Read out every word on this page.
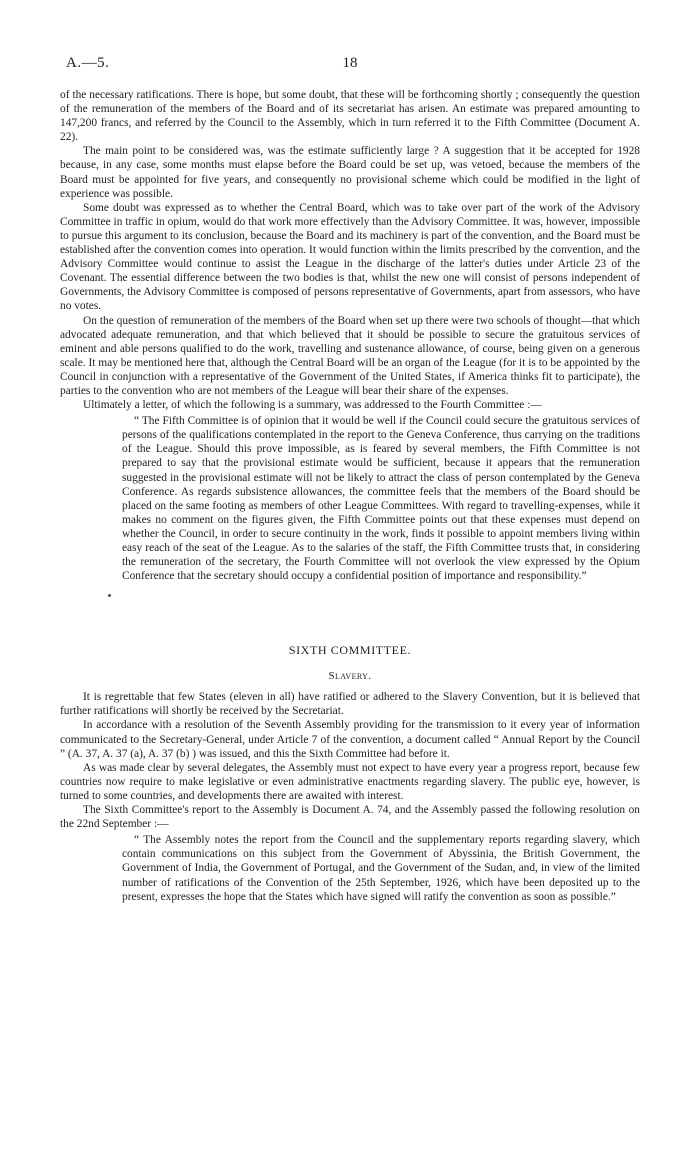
A.—5.	18

of the necessary ratifications. There is hope, but some doubt, that these will be forthcoming shortly ; consequently the question of the remuneration of the members of the Board and of its secretariat has arisen. An estimate was prepared amounting to 147,200 francs, and referred by the Council to the Assembly, which in turn referred it to the Fifth Committee (Document A. 22).

The main point to be considered was, was the estimate sufficiently large ? A suggestion that it be accepted for 1928 because, in any case, some months must elapse before the Board could be set up, was vetoed, because the members of the Board must be appointed for five years, and consequently no provisional scheme which could be modified in the light of experience was possible.

Some doubt was expressed as to whether the Central Board, which was to take over part of the work of the Advisory Committee in traffic in opium, would do that work more effectively than the Advisory Committee. It was, however, impossible to pursue this argument to its conclusion, because the Board and its machinery is part of the convention, and the Board must be established after the convention comes into operation. It would function within the limits prescribed by the convention, and the Advisory Committee would continue to assist the League in the discharge of the latter's duties under Article 23 of the Covenant. The essential difference between the two bodies is that, whilst the new one will consist of persons independent of Governments, the Advisory Committee is composed of persons representative of Governments, apart from assessors, who have no votes.

On the question of remuneration of the members of the Board when set up there were two schools of thought—that which advocated adequate remuneration, and that which believed that it should be possible to secure the gratuitous services of eminent and able persons qualified to do the work, travelling and sustenance allowance, of course, being given on a generous scale. It may be mentioned here that, although the Central Board will be an organ of the League (for it is to be appointed by the Council in conjunction with a representative of the Government of the United States, if America thinks fit to participate), the parties to the convention who are not members of the League will bear their share of the expenses.

Ultimately a letter, of which the following is a summary, was addressed to the Fourth Committee :—

“ The Fifth Committee is of opinion that it would be well if the Council could secure the gratuitous services of persons of the qualifications contemplated in the report to the Geneva Conference, thus carrying on the traditions of the League. Should this prove impossible, as is feared by several members, the Fifth Committee is not prepared to say that the provisional estimate would be sufficient, because it appears that the remuneration suggested in the provisional estimate will not be likely to attract the class of person contemplated by the Geneva Conference. As regards subsistence allowances, the committee feels that the members of the Board should be placed on the same footing as members of other League Committees. With regard to travelling-expenses, while it makes no comment on the figures given, the Fifth Committee points out that these expenses must depend on whether the Council, in order to secure continuity in the work, finds it possible to appoint members living within easy reach of the seat of the League. As to the salaries of the staff, the Fifth Committee trusts that, in considering the remuneration of the secretary, the Fourth Committee will not overlook the view expressed by the Opium Conference that the secretary should occupy a confidential position of importance and responsibility.”

SIXTH COMMITTEE.
Slavery.

It is regrettable that few States (eleven in all) have ratified or adhered to the Slavery Convention, but it is believed that further ratifications will shortly be received by the Secretariat.

In accordance with a resolution of the Seventh Assembly providing for the transmission to it every year of information communicated to the Secretary-General, under Article 7 of the convention, a document called “ Annual Report by the Council ” (A. 37, A. 37 (a), A. 37 (b) ) was issued, and this the Sixth Committee had before it.

As was made clear by several delegates, the Assembly must not expect to have every year a progress report, because few countries now require to make legislative or even administrative enactments regarding slavery. The public eye, however, is turned to some countries, and developments there are awaited with interest.

The Sixth Committee's report to the Assembly is Document A. 74, and the Assembly passed the following resolution on the 22nd September :—

“ The Assembly notes the report from the Council and the supplementary reports regarding slavery, which contain communications on this subject from the Government of Abyssinia, the British Government, the Government of India, the Government of Portugal, and the Government of the Sudan, and, in view of the limited number of ratifications of the Convention of the 25th September, 1926, which have been deposited up to the present, expresses the hope that the States which have signed will ratify the convention as soon as possible.”
